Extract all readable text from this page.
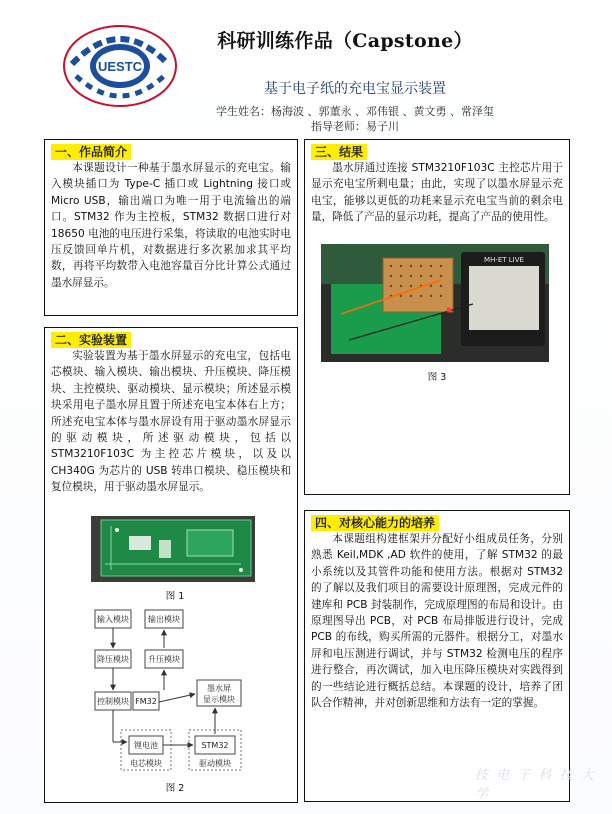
UESTC
科研训练作品（Capstone）
基于电子纸的充电宝显示装置
学生姓名：杨海波 、郭董永 、邓伟银 、黄文勇 、常泽玺
指导老师：易子川
一、作品简介

本课题设计一种基于墨水屏显示的充电宝。输入模块插口为 Type-C 插口或 Lightning 接口或 Micro USB，输出端口为唯一用于电流输出的端口。STM32 作为主控板，STM32 数据口进行对 18650 电池的电压进行采集，将读取的电池实时电压反馈回单片机，对数据进行多次累加求其平均数，再将平均数带入电池容量百分比计算公式通过墨水屏显示。

二、实验装置

实验装置为基于墨水屏显示的充电宝，包括电芯模块、输入模块、输出模块、升压模块、降压模块、主控模块、驱动模块、显示模块；所述显示模块采用电子墨水屏且置于所述充电宝本体右上方；所述充电宝本体与墨水屏设有用于驱动墨水屏显示的驱动模块，所述驱动模块，包括以 STM3210F103C 为主控芯片模块，以及以 CH340G 为芯片的 USB 转串口模块、稳压模块和复位模块，用于驱动墨水屏显示。

图 1
输入模块 输出模块
降压模块 升压模块
控制模块 FM32
墨水屏
显示模块
锂电池
电芯模块
STM32
驱动模块
图 2
三、结果

墨水屏通过连接 STM3210F103C 主控芯片用于显示充电宝所剩电量；由此，实现了以墨水屏显示充电宝，能够以更低的功耗来显示充电宝当前的剩余电量，降低了产品的显示功耗，提高了产品的使用性。

MH-ET LIVE
图 3
四、对核心能力的培养

本课题组构建框架并分配好小组成员任务，分别熟悉 Keil,MDK ,AD 软件的使用，了解 STM32 的最小系统以及其管件功能和使用方法。根据对 STM32 的了解以及我们项目的需要设计原理图，完成元件的建库和 PCB 封装制作，完成原理图的布局和设计。由原理图导出 PCB，对 PCB 布局排版进行设计，完成 PCB 的布线，购买所需的元器件。根据分工，对墨水屏和电压测进行调试，并与 STM32 检测电压的程序进行整合，再次调试，加入电压降压模块对实践得到的一些结论进行概括总结。本课题的设计，培养了团队合作精神，并对创新思维和方法有一定的掌握。

技 电 子 科 技 大 学
